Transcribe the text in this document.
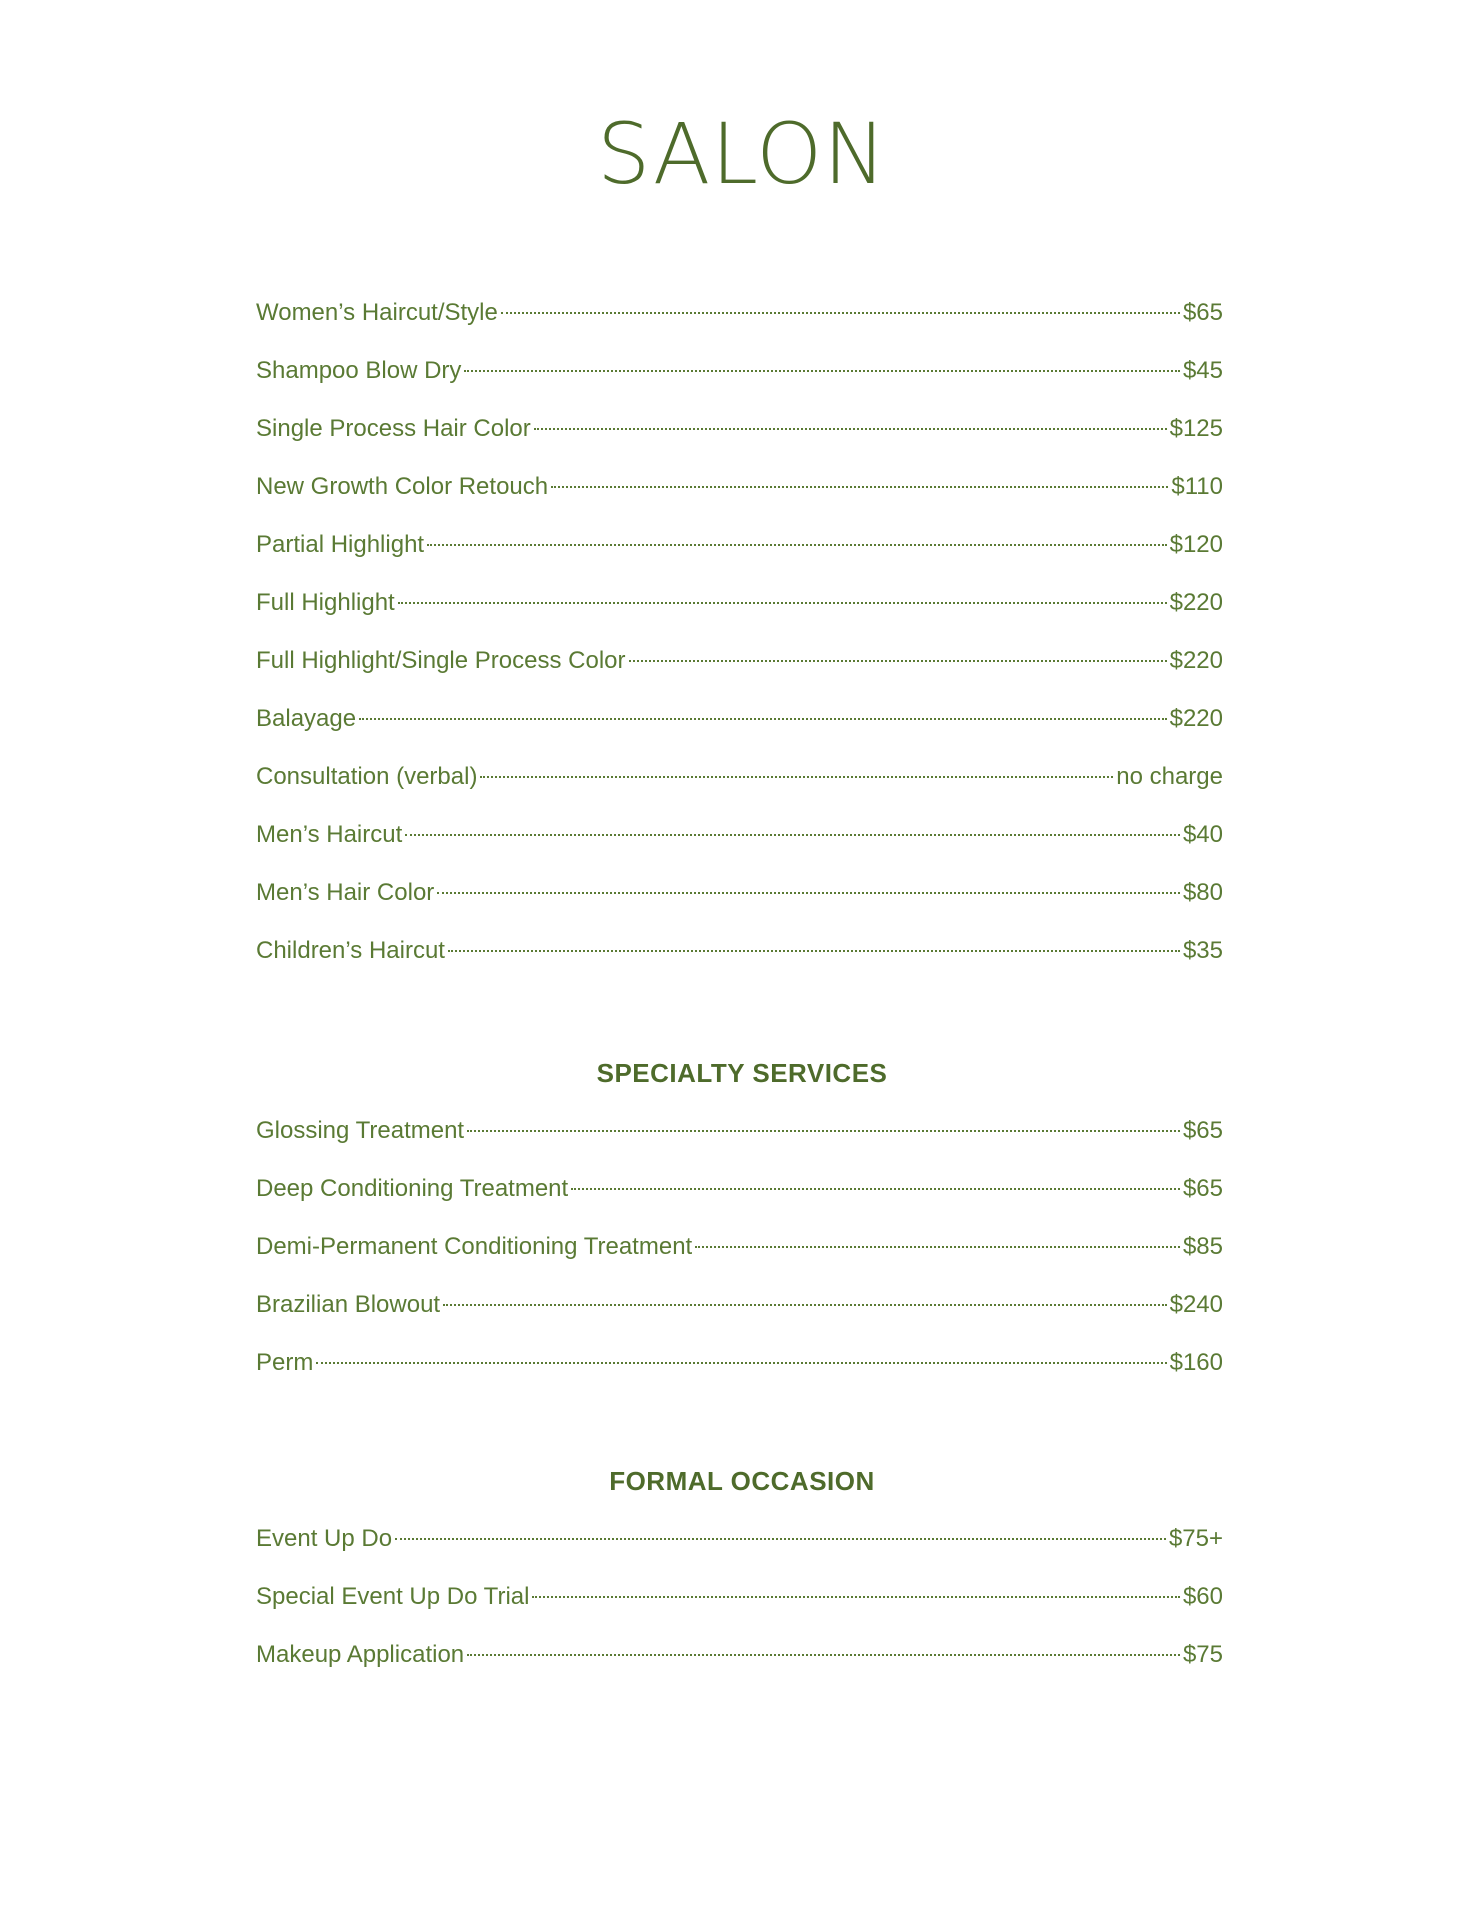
SALON
Women’s Haircut/Style	$65
Shampoo Blow Dry	$45
Single Process Hair Color	$125
New Growth Color Retouch	$110
Partial Highlight	$120
Full Highlight	$220
Full Highlight/Single Process Color	$220
Balayage	$220
Consultation (verbal)	no charge
Men’s Haircut	$40
Men’s Hair Color	$80
Children’s Haircut	$35
SPECIALTY SERVICES
Glossing Treatment	$65
Deep Conditioning Treatment	$65
Demi-Permanent Conditioning Treatment	$85
Brazilian Blowout	$240
Perm	$160
FORMAL OCCASION
Event Up Do	$75+
Special Event Up Do Trial	$60
Makeup Application	$75
